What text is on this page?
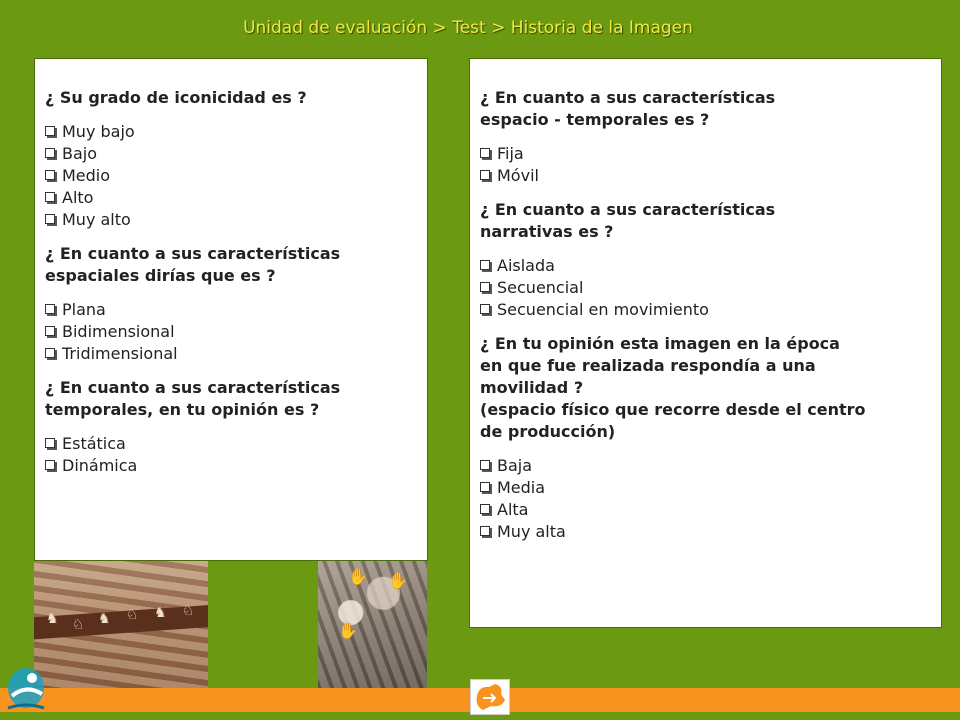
Unidad de evaluación > Test > Historia de la Imagen
¿ Su grado de iconicidad es ?
Muy bajo
Bajo
Medio
Alto
Muy alto
¿ En cuanto a sus características
espaciales dirías que es ?
Plana
Bidimensional
Tridimensional
¿ En cuanto a sus características
temporales, en tu opinión es ?
Estática
Dinámica
¿ En cuanto a sus características
espacio - temporales es ?
Fija
Móvil
¿ En cuanto a sus características
narrativas es ?
Aislada
Secuencial
Secuencial en movimiento
¿ En tu opinión esta imagen en la época
en que fue realizada respondía a una
movilidad ?
(espacio físico que recorre desde el centro
de producción)
Baja
Media
Alta
Muy alta
♞ ♘ ♞ ♘ ♞ ♘
✋ ✋
✋
